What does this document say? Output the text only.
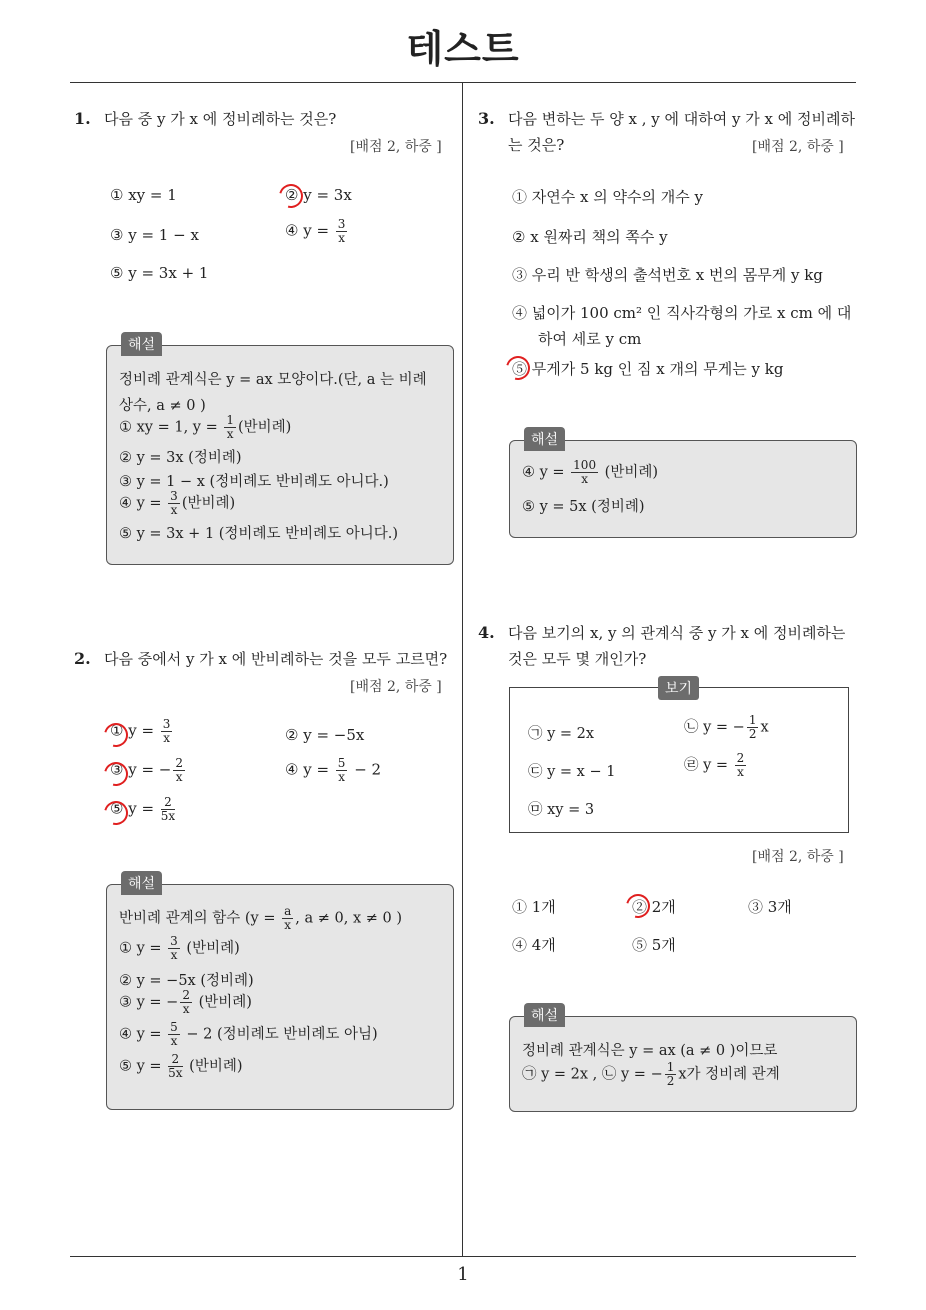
테스트
1. 다음 중 y 가 x 에 정비례하는 것은?
[배점 2, 하중 ]
① xy = 1	② y = 3x
③ y = 1 − x	④ $y = \frac{3}{x}$
⑤ y = 3x + 1
해설
정비례 관계식은 y = ax 모양이다.(단, a 는 비례
상수, a ≠ 0 )
① xy = 1, $y = \frac{1}{x}$ (반비례)
② y = 3x (정비례)
③ y = 1 − x (정비례도 반비례도 아니다.)
④ $y = \frac{3}{x}$ (반비례)
⑤ y = 3x + 1 (정비례도 반비례도 아니다.)
2. 다음 중에서 y 가 x 에 반비례하는 것을 모두 고르면?
[배점 2, 하중 ]
① $y = \frac{3}{x}$	② y = −5x
③ y = − $\frac{2}{x}$	④ $y = \frac{5}{x} - 2$
⑤ $y = \frac{2}{5x}$
해설
반비례 관계의 함수 ($y = \frac{a}{x}$ , a ≠ 0, x ≠ 0 )
① $y = \frac{3}{x}$ (반비례)
② y = −5x (정비례)
③ y = − $\frac{2}{x}$ (반비례)
④ $y = \frac{5}{x} - 2$ (정비례도 반비례도 아님)
⑤ $y = \frac{2}{5x}$ (반비례)
3. 다음 변하는 두 양 x , y 에 대하여 y 가 x 에 정비례하
는 것은?	[배점 2, 하중 ]
① 자연수 x 의 약수의 개수 y
② x 원짜리 책의 쪽수 y
③ 우리 반 학생의 출석번호 x 번의 몸무게 y kg
④ 넓이가 100 cm² 인 직사각형의 가로 x cm 에 대
하여 세로 y cm
⑤ 무게가 5 kg 인 짐 x 개의 무게는 y kg
해설
④ $y = \frac{100}{x}$ (반비례)
⑤ y = 5x (정비례)
4. 다음 보기의 x, y 의 관계식 중 y 가 x 에 정비례하는
것은 모두 몇 개인가?
보기
㉠ y = 2x	㉡ y = − $\frac{1}{2}$ x
㉢ y = x − 1	㉣ $y = \frac{2}{x}$
㉤ xy = 3
[배점 2, 하중 ]
① 1개	② 2개	③ 3개
④ 4개	⑤ 5개
해설
정비례 관계식은 y = ax (a ≠ 0 )이므로
㉠ y = 2x , ㉡ y = − $\frac{1}{2}$ x가 정비례 관계
1
